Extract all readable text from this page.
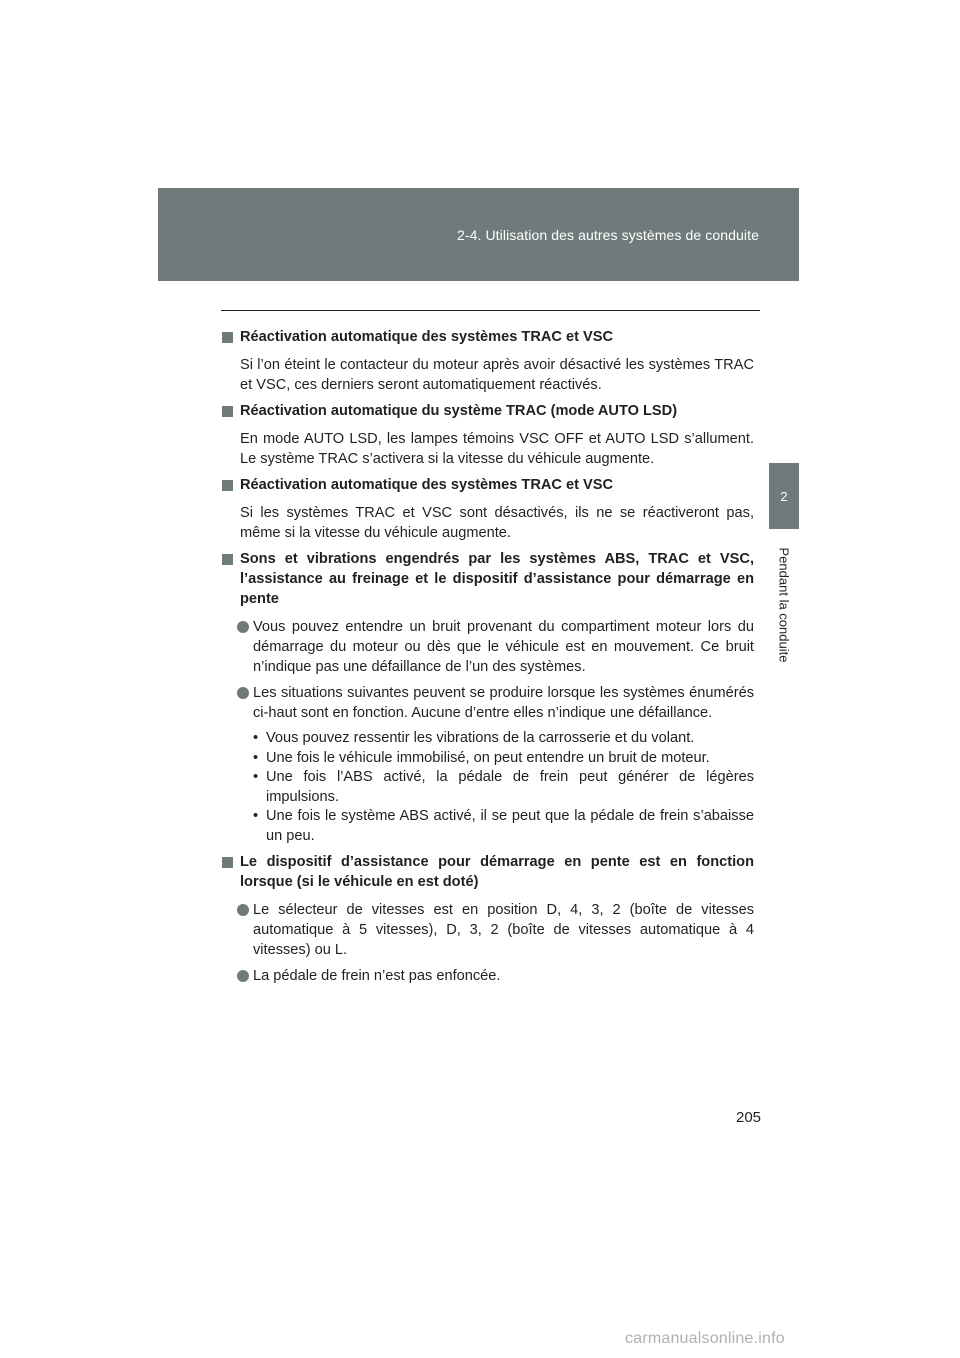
2-4. Utilisation des autres systèmes de conduite
2
Pendant la conduite
Réactivation automatique des systèmes TRAC et VSC
Si l’on éteint le contacteur du moteur après avoir désactivé les systèmes TRAC et VSC, ces derniers seront automatiquement réactivés.
Réactivation automatique du système TRAC (mode AUTO LSD)
En mode AUTO LSD, les lampes témoins VSC OFF et AUTO LSD s’allument. Le système TRAC s’activera si la vitesse du véhicule augmente.
Réactivation automatique des systèmes TRAC et VSC
Si les systèmes TRAC et VSC sont désactivés, ils ne se réactiveront pas, même si la vitesse du véhicule augmente.
Sons et vibrations engendrés par les systèmes ABS, TRAC et VSC, l’assistance au freinage et le dispositif d’assistance pour démarrage en pente
Vous pouvez entendre un bruit provenant du compartiment moteur lors du démarrage du moteur ou dès que le véhicule est en mouvement. Ce bruit n’indique pas une défaillance de l’un des systèmes.
Les situations suivantes peuvent se produire lorsque les systèmes énumérés ci-haut sont en fonction. Aucune d’entre elles n’indique une défaillance.
• Vous pouvez ressentir les vibrations de la carrosserie et du volant.
• Une fois le véhicule immobilisé, on peut entendre un bruit de moteur.
• Une fois l’ABS activé, la pédale de frein peut générer de légères impulsions.
• Une fois le système ABS activé, il se peut que la pédale de frein s’abaisse un peu.
Le dispositif d’assistance pour démarrage en pente est en fonction lorsque (si le véhicule en est doté)
Le sélecteur de vitesses est en position D, 4, 3, 2 (boîte de vitesses automatique à 5 vitesses), D, 3, 2 (boîte de vitesses automatique à 4 vitesses) ou L.
La pédale de frein n’est pas enfoncée.
205
carmanualsonline.info
